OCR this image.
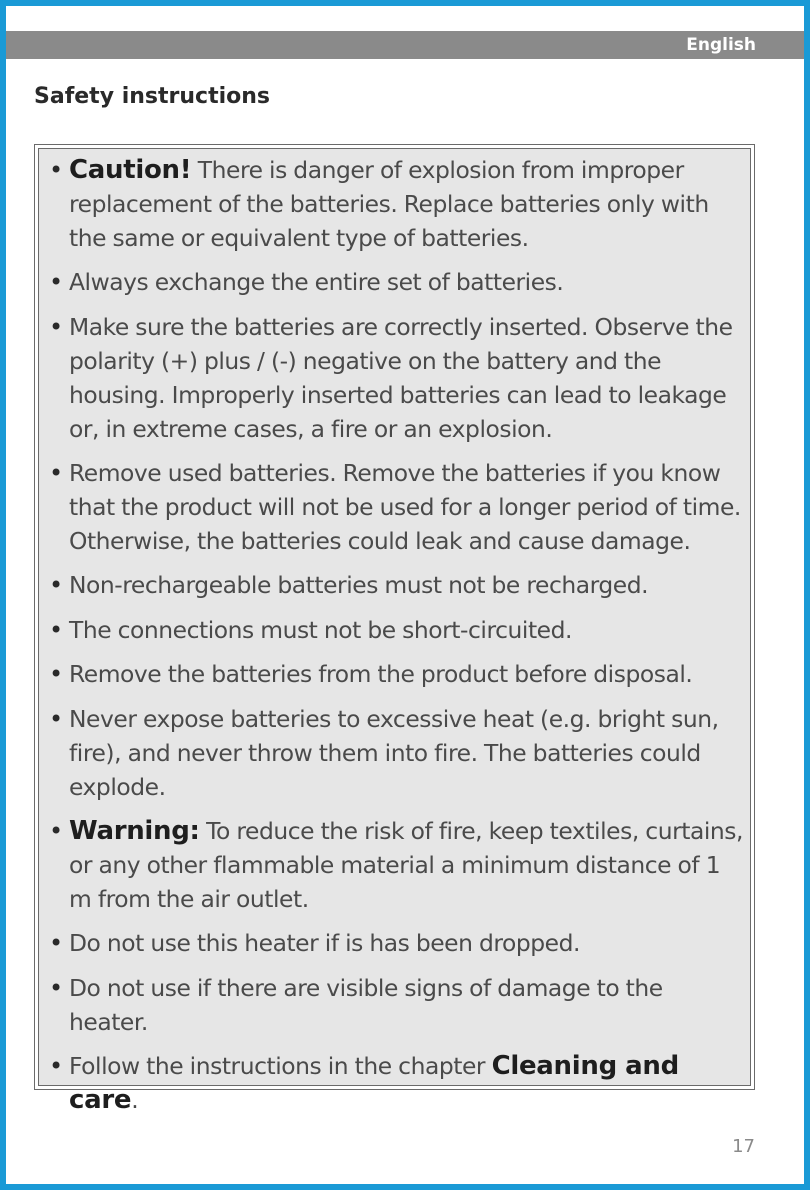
English
Safety instructions
• Caution! There is danger of explosion from improper replacement of the batteries. Replace batteries only with the same or equivalent type of batteries.
• Always exchange the entire set of batteries.
• Make sure the batteries are correctly inserted. Observe the polarity (+) plus / (-) negative on the battery and the housing. Improperly inserted batteries can lead to leakage or, in extreme cases, a fire or an explosion.
• Remove used batteries. Remove the batteries if you know that the product will not be used for a longer period of time. Otherwise, the batteries could leak and cause damage.
• Non-rechargeable batteries must not be recharged.
• The connections must not be short-circuited.
• Remove the batteries from the product before disposal.
• Never expose batteries to excessive heat (e.g. bright sun, fire), and never throw them into fire. The batteries could explode.
• Warning: To reduce the risk of fire, keep textiles, curtains, or any other flammable material a minimum distance of 1 m from the air outlet.
• Do not use this heater if is has been dropped.
• Do not use if there are visible signs of damage to the heater.
• Follow the instructions in the chapter Cleaning and care.
17
